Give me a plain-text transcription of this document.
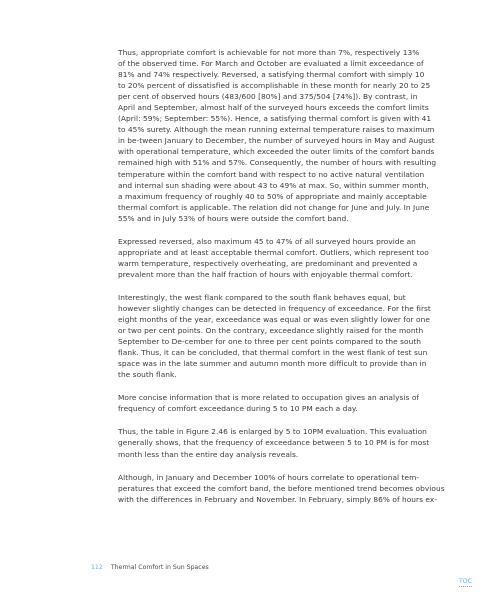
Thus, appropriate comfort is achievable for not more than 7%, respectively 13%
of the observed time. For March and October are evaluated a limit exceedance of
81% and 74% respectively. Reversed, a satisfying thermal comfort with simply 10
to 20% percent of dissatisfied is accomplishable in these month for nearly 20 to 25
per cent of observed hours (483/600 [80%] and 375/504 [74%]). By contrast, in
April and September, almost half of the surveyed hours exceeds the comfort limits
(April: 59%; September: 55%). Hence, a satisfying thermal comfort is given with 41
to 45% surety. Although the mean running external temperature raises to maximum
in be-tween January to December, the number of surveyed hours in May and August
with operational temperature, which exceeded the outer limits of the comfort bands
remained high with 51% and 57%. Consequently, the number of hours with resulting
temperature within the comfort band with respect to no active natural ventilation
and internal sun shading were about 43 to 49% at max. So, within summer month,
a maximum frequency of roughly 40 to 50% of appropriate and mainly acceptable
thermal comfort is applicable. The relation did not change for June and July. In June
55% and in July 53% of hours were outside the comfort band.

Expressed reversed, also maximum 45 to 47% of all surveyed hours provide an
appropriate and at least acceptable thermal comfort. Outliers, which represent too
warm temperature, respectively overheating, are predominant and prevented a
prevalent more than the half fraction of hours with enjoyable thermal comfort.

Interestingly, the west flank compared to the south flank behaves equal, but
however slightly changes can be detected in frequency of exceedance. For the first
eight months of the year, exceedance was equal or was even slightly lower for one
or two per cent points. On the contrary, exceedance slightly raised for the month
September to De-cember for one to three per cent points compared to the south
flank. Thus, it can be concluded, that thermal comfort in the west flank of test sun
space was in the late summer and autumn month more difficult to provide than in
the south flank.

More concise information that is more related to occupation gives an analysis of
frequency of comfort exceedance during 5 to 10 PM each a day.

Thus, the table in Figure 2.46 is enlarged by 5 to 10PM evaluation. This evaluation
generally shows, that the frequency of exceedance between 5 to 10 PM is for most
month less than the entire day analysis reveals.

Although, in January and December 100% of hours correlate to operational tem-
peratures that exceed the comfort band, the before mentioned trend becomes obvious
with the differences in February and November. In February, simply 86% of hours ex-

112 Thermal Comfort in Sun Spaces
TOC
